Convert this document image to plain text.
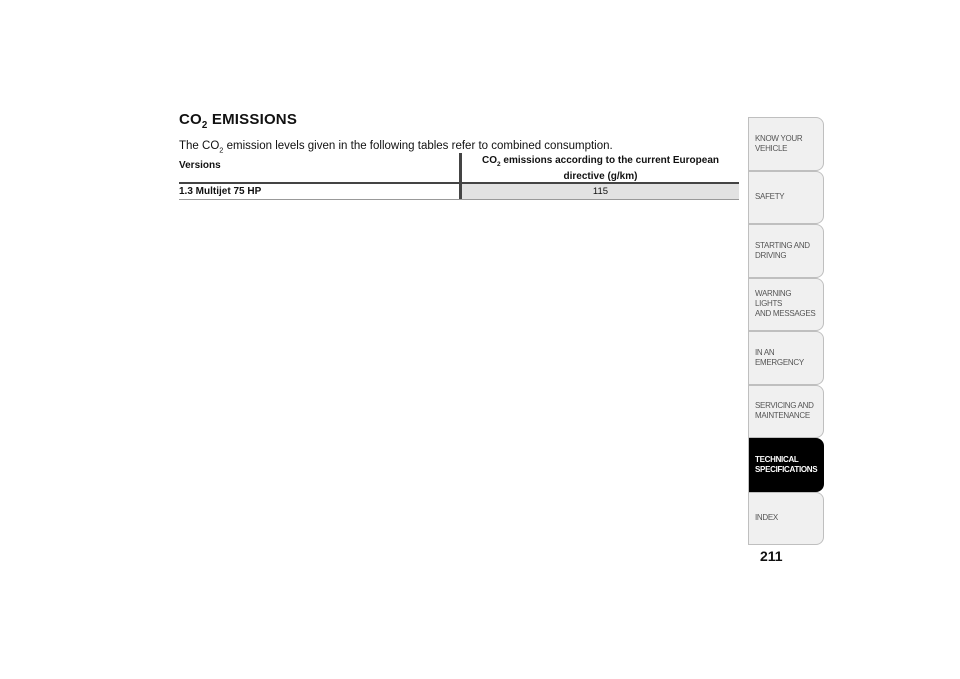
$CO_2$ EMISSIONS

The $CO_2$ emission levels given in the following tables refer to combined consumption.

Versions	$CO_2$ emissions according to the current European directive (g/km)
1.3 Multijet 75 HP	115
KNOW YOUR
VEHICLE
SAFETY
STARTING AND
DRIVING
WARNING LIGHTS
AND MESSAGES
IN AN EMERGENCY
SERVICING AND
MAINTENANCE
TECHNICAL
SPECIFICATIONS
INDEX
211
